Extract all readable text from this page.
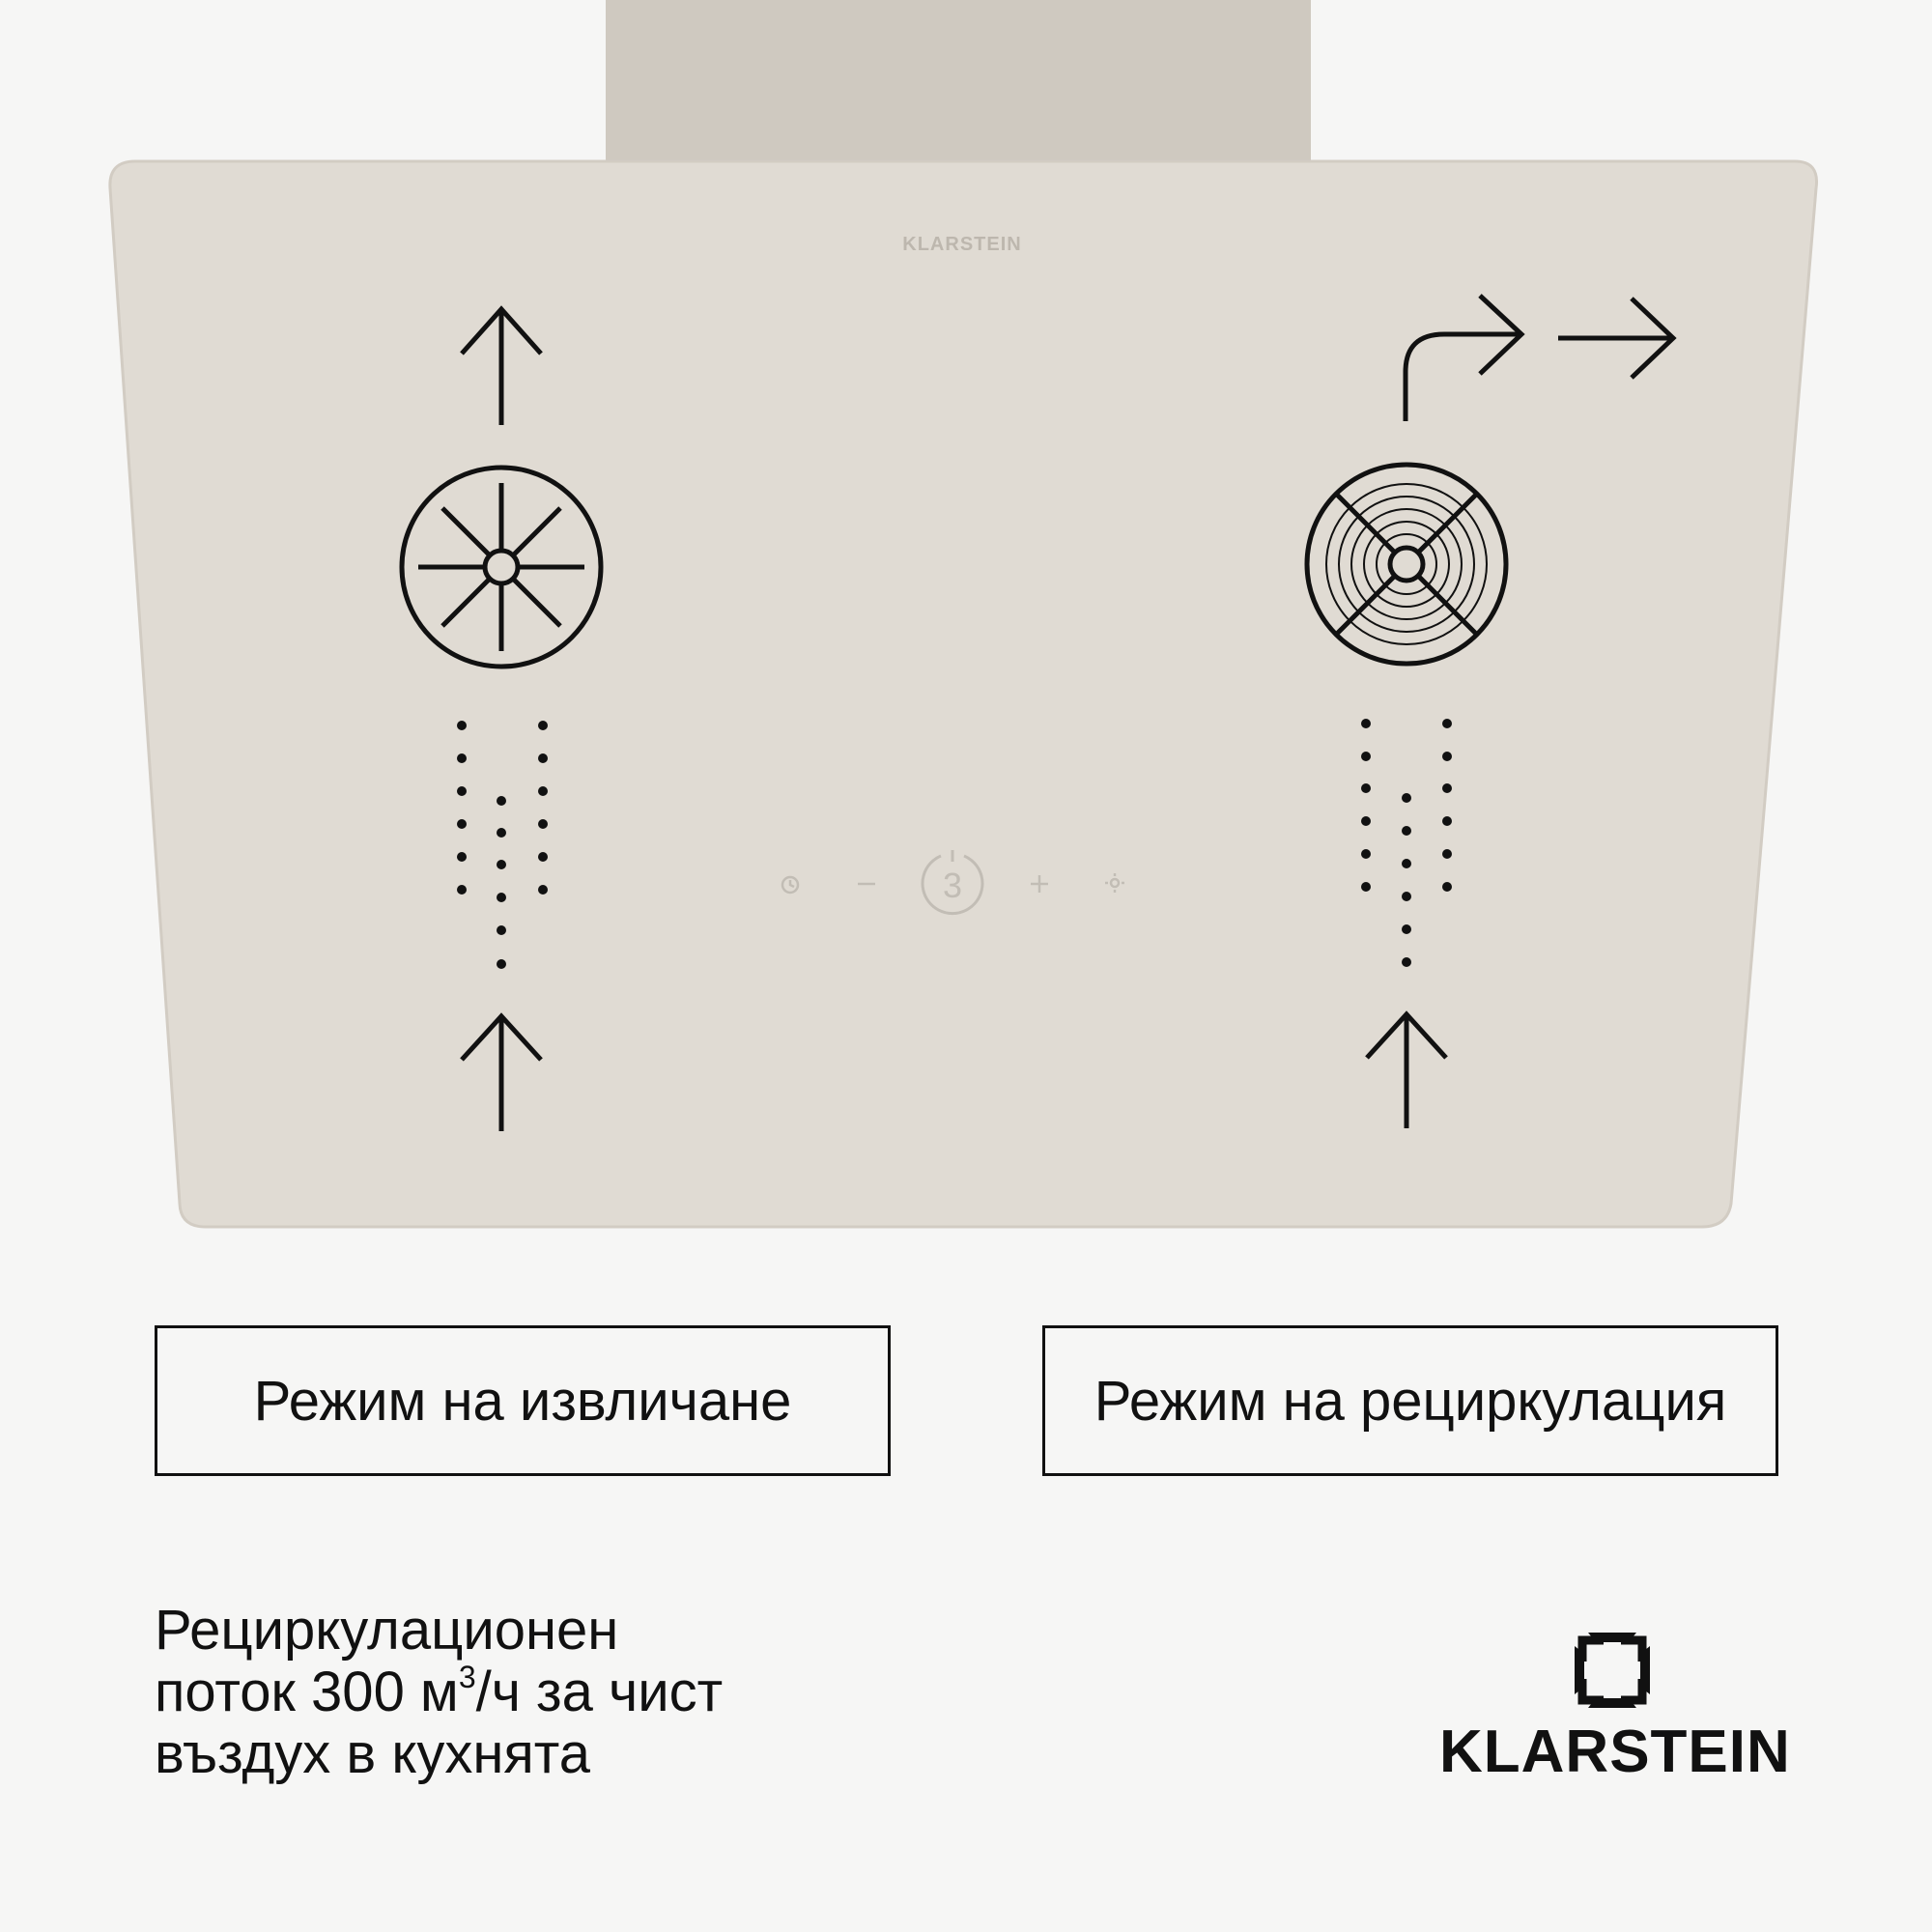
KLARSTEIN
3
Режим на извличане	Режим на рециркулация
Рециркулационен
поток 300 $м^3/ч$ за чист
въздух в кухнята	KLARSTEIN
